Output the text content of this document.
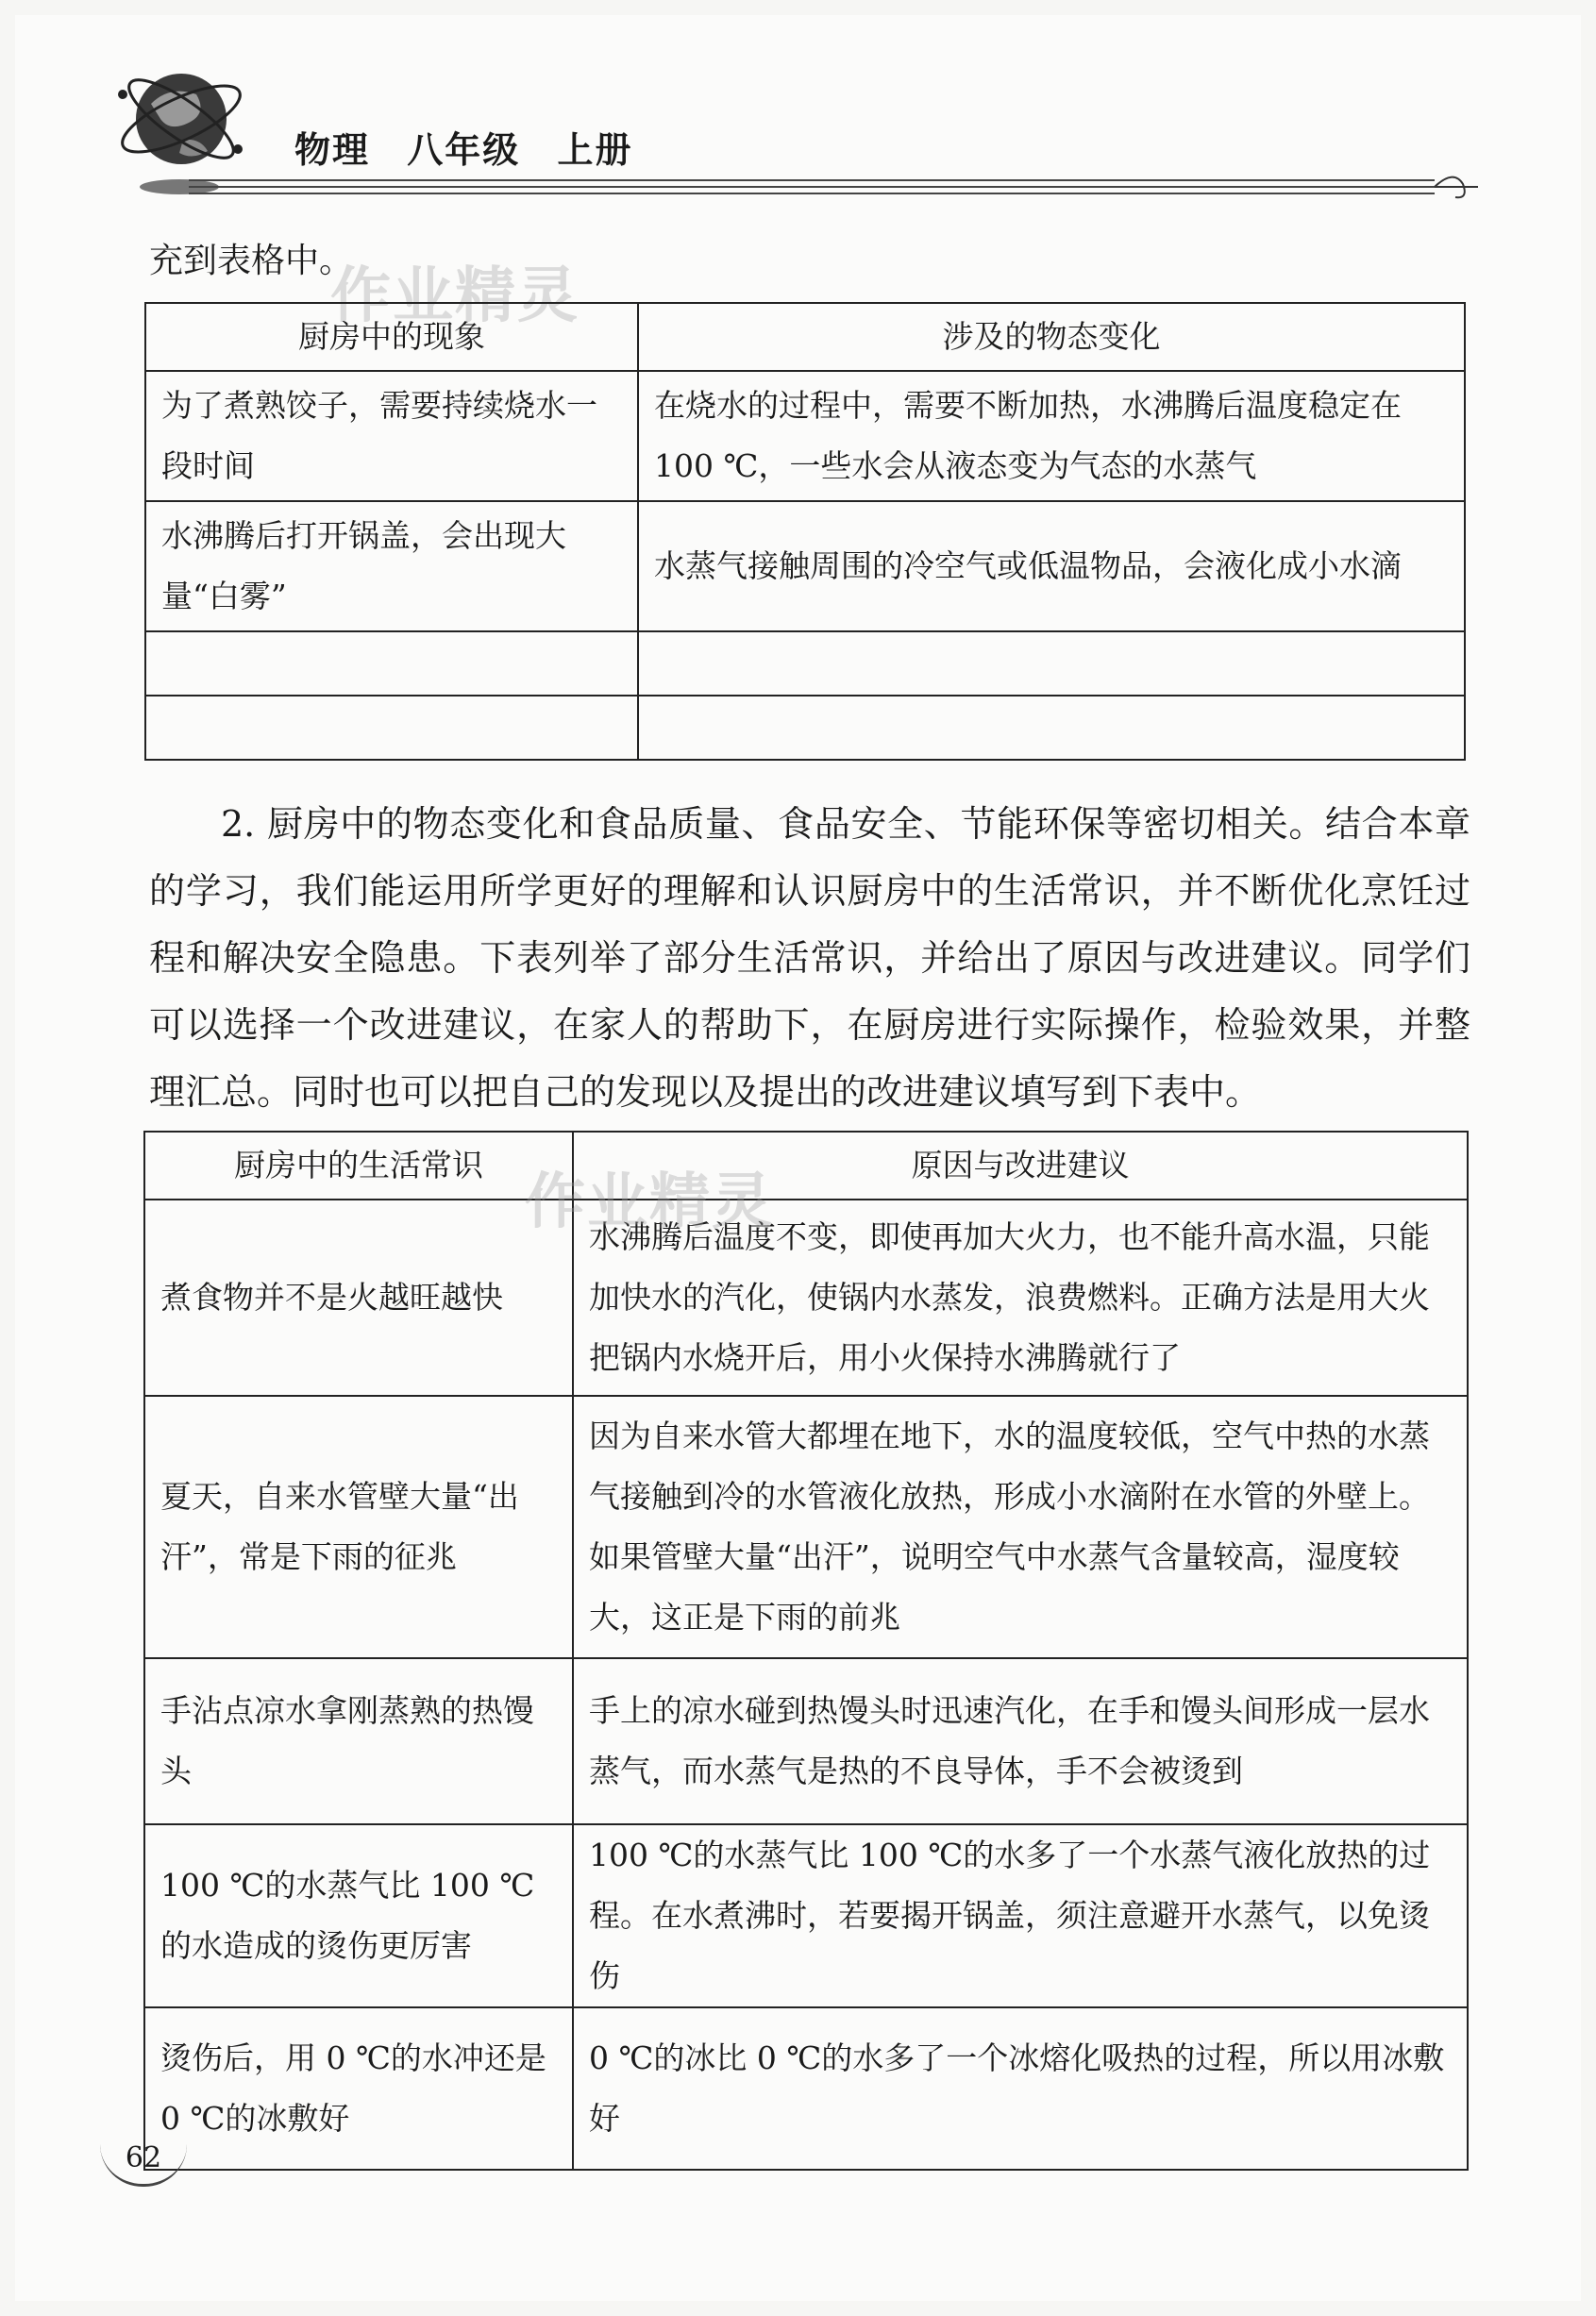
物理 八年级 上册
充到表格中。
作业精灵
厨房中的现象	涉及的物态变化
为了煮熟饺子，需要持续烧水一段时间	在烧水的过程中，需要不断加热，水沸腾后温度稳定在 100 ℃，一些水会从液态变为气态的水蒸气
水沸腾后打开锅盖，会出现大量“白雾”	水蒸气接触周围的冷空气或低温物品，会液化成小水滴

2. 厨房中的物态变化和食品质量、食品安全、节能环保等密切相关。结合本章的学习，我们能运用所学更好的理解和认识厨房中的生活常识，并不断优化烹饪过程和解决安全隐患。下表列举了部分生活常识，并给出了原因与改进建议。同学们可以选择一个改进建议，在家人的帮助下，在厨房进行实际操作，检验效果，并整理汇总。同时也可以把自己的发现以及提出的改进建议填写到下表中。
厨房中的生活常识	原因与改进建议
煮食物并不是火越旺越快	水沸腾后温度不变，即使再加大火力，也不能升高水温，只能加快水的汽化，使锅内水蒸发，浪费燃料。正确方法是用大火把锅内水烧开后，用小火保持水沸腾就行了
夏天，自来水管壁大量“出汗”，常是下雨的征兆	因为自来水管大都埋在地下，水的温度较低，空气中热的水蒸气接触到冷的水管液化放热，形成小水滴附在水管的外壁上。如果管壁大量“出汗”，说明空气中水蒸气含量较高，湿度较大，这正是下雨的前兆
手沾点凉水拿刚蒸熟的热馒头	手上的凉水碰到热馒头时迅速汽化，在手和馒头间形成一层水蒸气，而水蒸气是热的不良导体，手不会被烫到
100 ℃的水蒸气比 100 ℃的水造成的烫伤更厉害	100 ℃的水蒸气比 100 ℃的水多了一个水蒸气液化放热的过程。在水煮沸时，若要揭开锅盖，须注意避开水蒸气，以免烫伤
烫伤后，用 0 ℃的水冲还是 0 ℃的冰敷好	0 ℃的冰比 0 ℃的水多了一个冰熔化吸热的过程，所以用冰敷好
作业精灵
62
